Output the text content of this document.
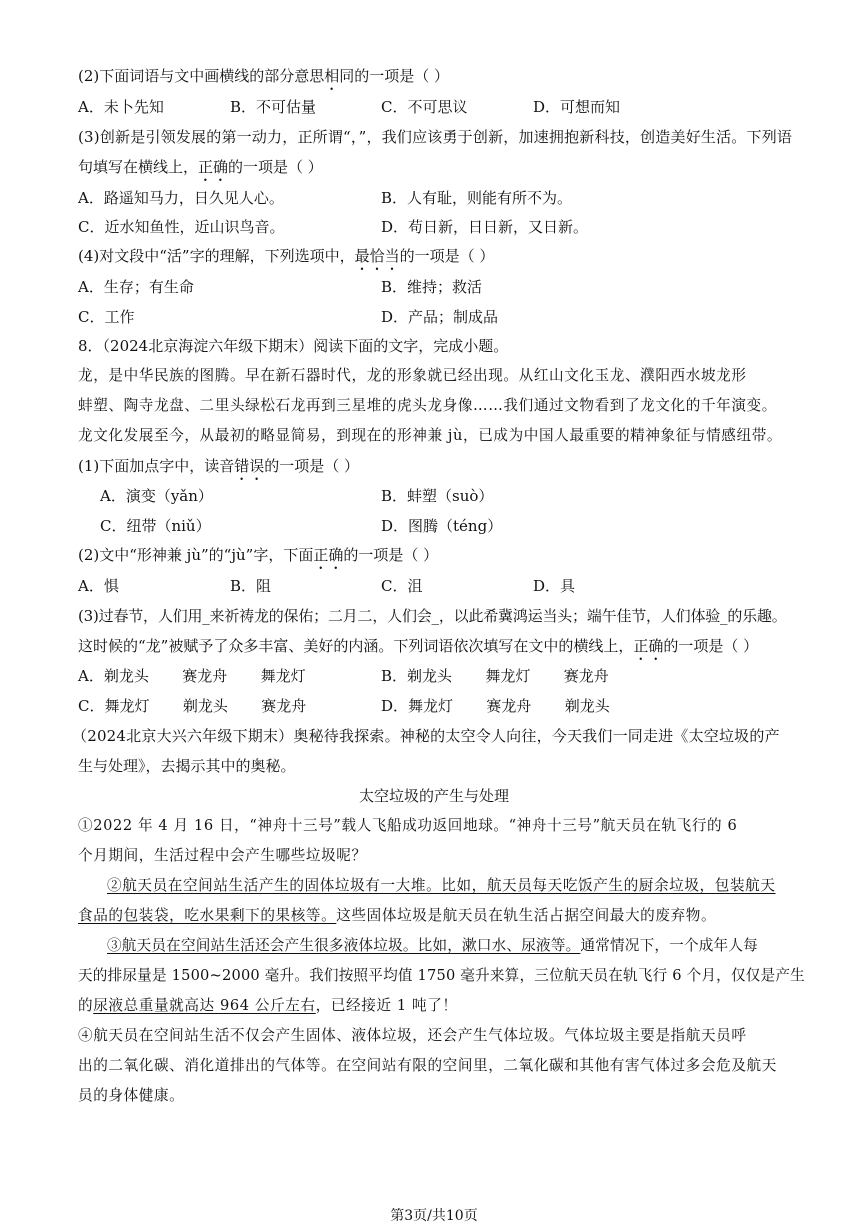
(2)下面词语与文中画横线的部分意思相同的一项是（ ）
A．未卜先知	B．不可估量	C．不可思议	D．可想而知
(3)创新是引领发展的第一动力，正所谓“，”，我们应该勇于创新，加速拥抱新科技，创造美好生活。下列语
句填写在横线上，正确的一项是（ ）
A．路遥知马力，日久见人心。	B．人有耻，则能有所不为。
C．近水知鱼性，近山识鸟音。	D．苟日新，日日新，又日新。
(4)对文段中“活”字的理解，下列选项中，最恰当的一项是（ ）
A．生存；有生命	B．维持；救活
C．工作	D．产品；制成品
8．（2024北京海淀六年级下期末）阅读下面的文字，完成小题。
龙，是中华民族的图腾。早在新石器时代，龙的形象就已经出现。从红山文化玉龙、濮阳西水坡龙形
蚌塑、陶寺龙盘、二里头绿松石龙再到三星堆的虎头龙身像……我们通过文物看到了龙文化的千年演变。
龙文化发展至今，从最初的略显简易，到现在的形神兼 jù，已成为中国人最重要的精神象征与情感纽带。
(1)下面加点字中，读音错误的一项是（ ）
A．演变（yǎn）	B．蚌塑（suò）
C．纽带（niǔ）	D．图腾（téng）
(2)文中“形神兼 jù”的“jù”字，下面正确的一项是（ ）
A．惧	B．阻	C．沮	D．具
(3)过春节，人们用_来祈祷龙的保佑；二月二，人们会_，以此希冀鸿运当头；端午佳节，人们体验_的乐趣。
这时候的“龙”被赋予了众多丰富、美好的内涵。下列词语依次填写在文中的横线上，正确的一项是（ ）
A．剃龙头       赛龙舟       舞龙灯	B．剃龙头       舞龙灯       赛龙舟
C．舞龙灯       剃龙头       赛龙舟	D．舞龙灯       赛龙舟       剃龙头
（2024北京大兴六年级下期末）奥秘待我探索。神秘的太空令人向往，今天我们一同走进《太空垃圾的产
生与处理》，去揭示其中的奥秘。
太空垃圾的产生与处理
①2022 年 4 月 16 日，“神舟十三号”载人飞船成功返回地球。“神舟十三号”航天员在轨飞行的 6
个月期间，生活过程中会产生哪些垃圾呢？
②航天员在空间站生活产生的固体垃圾有一大堆。比如，航天员每天吃饭产生的厨余垃圾，包装航天
食品的包装袋，吃水果剩下的果核等。这些固体垃圾是航天员在轨生活占据空间最大的废弃物。
③航天员在空间站生活还会产生很多液体垃圾。比如，漱口水、尿液等。通常情况下，一个成年人每
天的排尿量是 1500~2000 毫升。我们按照平均值 1750 毫升来算，三位航天员在轨飞行 6 个月，仅仅是产生
的尿液总重量就高达 964 公斤左右，已经接近 1 吨了！
④航天员在空间站生活不仅会产生固体、液体垃圾，还会产生气体垃圾。气体垃圾主要是指航天员呼
出的二氧化碳、消化道排出的气体等。在空间站有限的空间里，二氧化碳和其他有害气体过多会危及航天
员的身体健康。
第3页/共10页
